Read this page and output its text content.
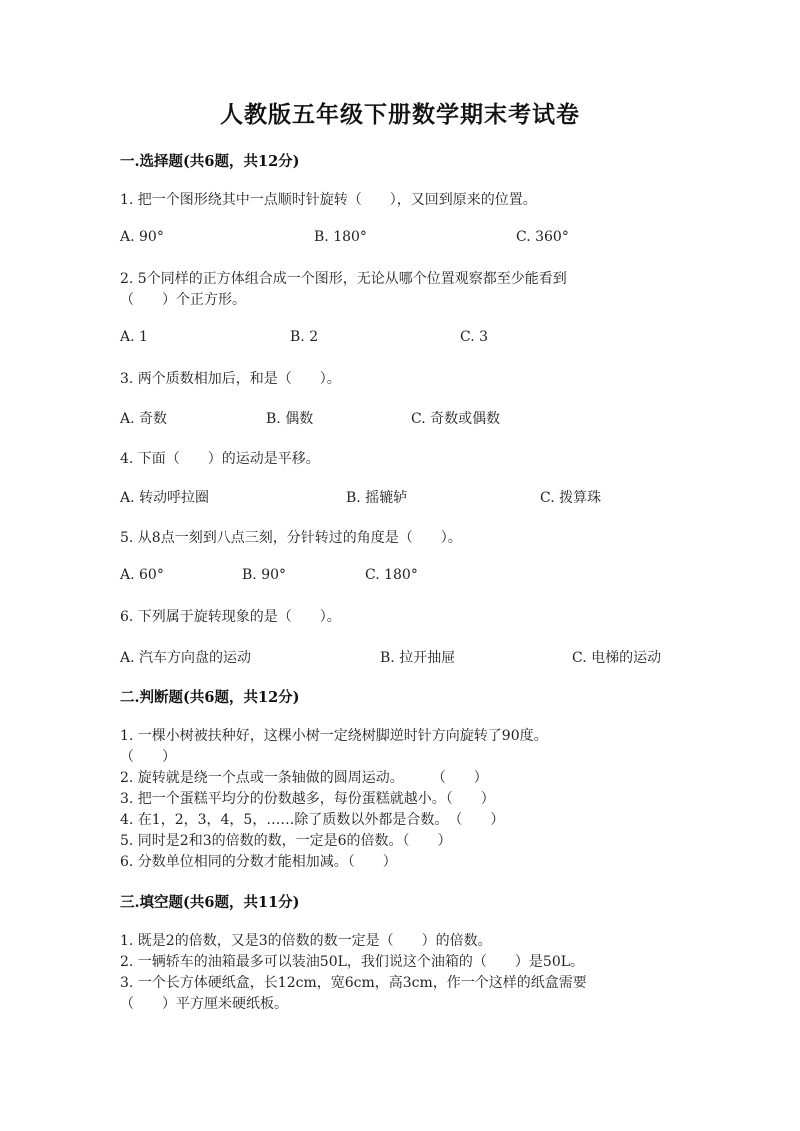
人教版五年级下册数学期末考试卷
一.选择题(共6题，共12分)
1. 把一个图形绕其中一点顺时针旋转（　　），又回到原来的位置。
A. 90°	B. 180°	C. 360°
2. 5个同样的正方体组合成一个图形，无论从哪个位置观察都至少能看到
（　　）个正方形。
A. 1	B. 2	C. 3
3. 两个质数相加后，和是（　　）。
A. 奇数	B. 偶数	C. 奇数或偶数
4. 下面（　　）的运动是平移。
A. 转动呼拉圈	B. 摇辘轳	C. 拨算珠
5. 从8点一刻到八点三刻，分针转过的角度是（　　）。
A. 60°	B. 90°	C. 180°
6. 下列属于旋转现象的是（　　）。
A. 汽车方向盘的运动	B. 拉开抽屉	C. 电梯的运动
二.判断题(共6题，共12分)
1. 一棵小树被扶种好，这棵小树一定绕树脚逆时针方向旋转了90度。
（　　）
2. 旋转就是绕一个点或一条轴做的圆周运动。　　　（　　）
3. 把一个蛋糕平均分的份数越多，每份蛋糕就越小。（　　）
4. 在1，2，3，4，5，……除了质数以外都是合数。　（　　）
5. 同时是2和3的倍数的数，一定是6的倍数。（　　）
6. 分数单位相同的分数才能相加减。（　　）
三.填空题(共6题，共11分)
1. 既是2的倍数，又是3的倍数的数一定是（　　）的倍数。
2. 一辆轿车的油箱最多可以装油50L，我们说这个油箱的（　　）是50L。
3. 一个长方体硬纸盒，长12cm，宽6cm，高3cm，作一个这样的纸盒需要
（　　）平方厘米硬纸板。
